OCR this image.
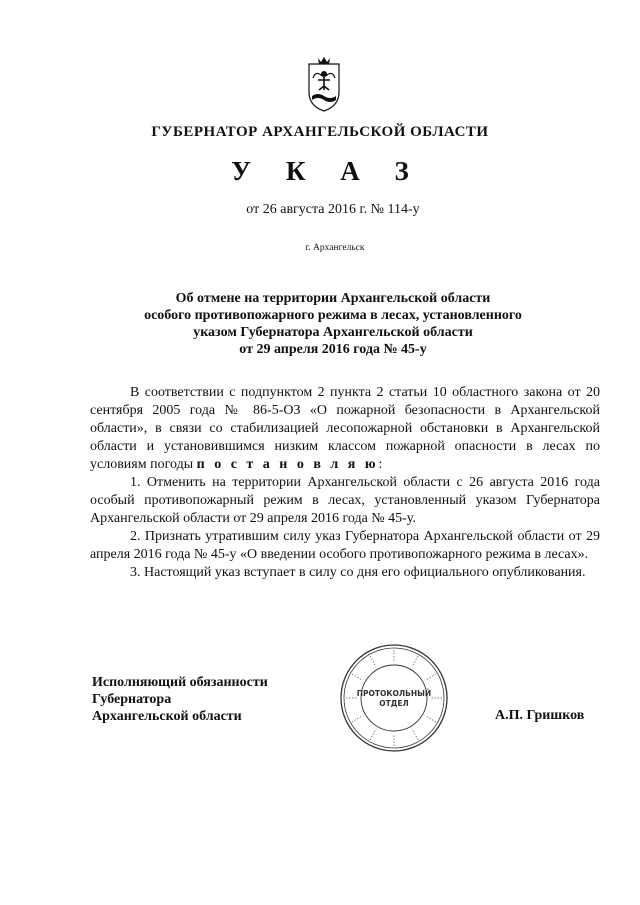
ГУБЕРНАТОР АРХАНГЕЛЬСКОЙ ОБЛАСТИ
У К А З
от 26 августа 2016 г. № 114-у
г. Архангельск
Об отмене на территории Архангельской области
особого противопожарного режима в лесах, установленного
указом Губернатора Архангельской области
от 29 апреля 2016 года № 45-у

В соответствии с подпунктом 2 пункта 2 статьи 10 областного закона от 20 сентября 2005 года № 86-5-ОЗ «О пожарной безопасности в Архангельской области», в связи со стабилизацией лесопожарной обстановки в Архангельской области и установившимся низким классом пожарной опасности в лесах по условиям погоды п о с т а н о в л я ю:

1. Отменить на территории Архангельской области с 26 августа 2016 года особый противопожарный режим в лесах, установленный указом Губернатора Архангельской области от 29 апреля 2016 года № 45-у.

2. Признать утратившим силу указ Губернатора Архангельской области от 29 апреля 2016 года № 45-у «О введении особого противопожарного режима в лесах».

3. Настоящий указ вступает в силу со дня его официального опубликования.

Исполняющий обязанности
Губернатора
Архангельской области
ПРОТОКОЛЬНЫЙ
ОТДЕЛ
А.П. Гришков
